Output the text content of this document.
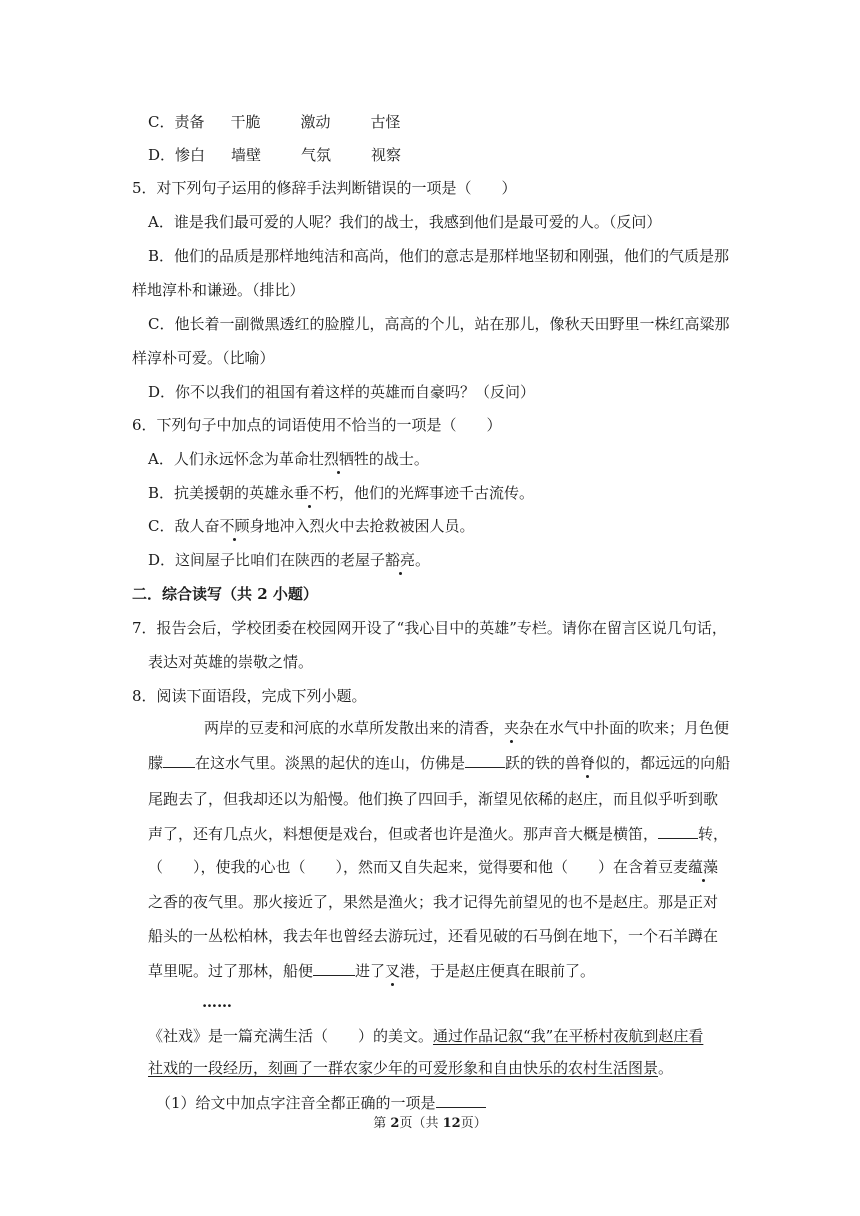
C．责备 干脆	激动	古怪
D．惨白 墙壁	气氛	视察
5．对下列句子运用的修辞手法判断错误的一项是（　　）
A．谁是我们最可爱的人呢？我们的战士，我感到他们是最可爱的人。（反问）
B．他们的品质是那样地纯洁和高尚，他们的意志是那样地坚韧和刚强，他们的气质是那
样地淳朴和谦逊。（排比）
C．他长着一副微黑透红的脸膛儿，高高的个儿，站在那儿，像秋天田野里一株红高粱那
样淳朴可爱。（比喻）
D．你不以我们的祖国有着这样的英雄而自豪吗？（反问）
6．下列句子中加点的词语使用不恰当的一项是（　　）
A．人们永远怀念为革命壮烈牺牲的战士。
B．抗美援朝的英雄永垂不朽，他们的光辉事迹千古流传。
C．敌人奋不顾身地冲入烈火中去抢救被困人员。
D．这间屋子比咱们在陕西的老屋子豁亮。
二．综合读写（共 2 小题）
7．报告会后，学校团委在校园网开设了“我心目中的英雄”专栏。请你在留言区说几句话，
表达对英雄的崇敬之情。
8．阅读下面语段，完成下列小题。
两岸的豆麦和河底的水草所发散出来的清香，夹杂在水气中扑面的吹来；月色便
朦 在这水气里。淡黑的起伏的连山，仿佛是	跃的铁的兽脊似的，都远远的向船
尾跑去了，但我却还以为船慢。他们换了四回手，渐望见依稀的赵庄，而且似乎听到歌
声了，还有几点火，料想便是戏台，但或者也许是渔火。那声音大概是横笛，	转，
（　　），使我的心也（　　），然而又自失起来，觉得要和他（　　）在含着豆麦蕴藻
之香的夜气里。那火接近了，果然是渔火；我才记得先前望见的也不是赵庄。那是正对
船头的一丛松柏林，我去年也曾经去游玩过，还看见破的石马倒在地下，一个石羊蹲在
草里呢。过了那林，船便	进了叉港，于是赵庄便真在眼前了。
……
《社戏》是一篇充满生活（　　）的美文。通过作品记叙“我”在平桥村夜航到赵庄看
社戏的一段经历，刻画了一群农家少年的可爱形象和自由快乐的农村生活图景。
（1）给文中加点字注音全都正确的一项是
第 2页（共 12页）
